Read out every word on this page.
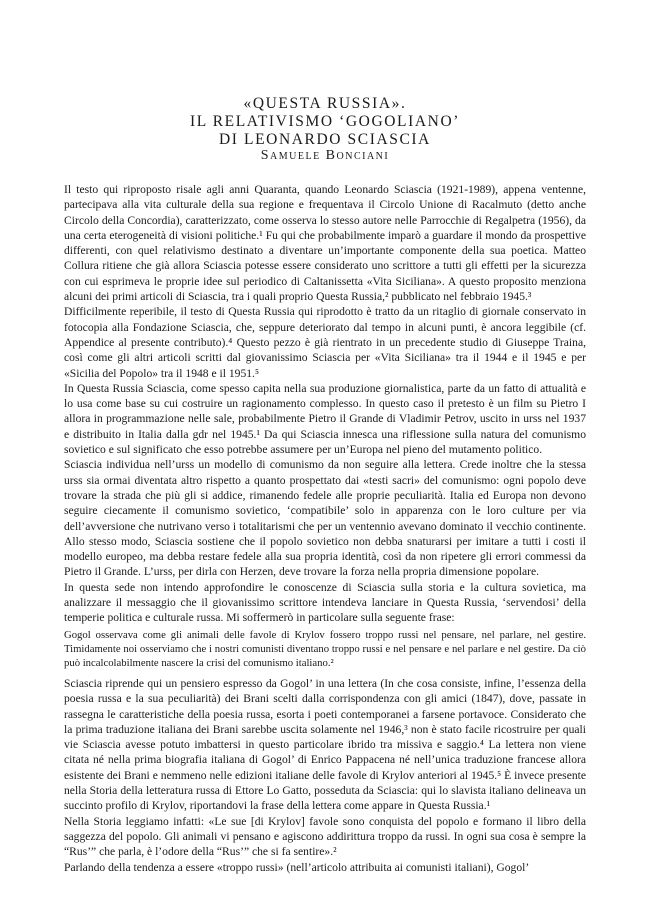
«QUESTA RUSSIA».
IL RELATIVISMO ‘GOGOLIANO’
DI LEONARDO SCIASCIA
Samuele Bonciani

Il testo qui riproposto risale agli anni Quaranta, quando Leonardo Sciascia (1921-1989), appena ventenne, partecipava alla vita culturale della sua regione e frequentava il Circolo Unione di Racalmuto (detto anche Circolo della Concordia), caratterizzato, come osserva lo stesso autore nelle Parrocchie di Regalpetra (1956), da una certa eterogeneità di visioni politiche.¹ Fu qui che probabilmente imparò a guardare il mondo da prospettive differenti, con quel relativismo destinato a diventare un’importante componente della sua poetica. Matteo Collura ritiene che già allora Sciascia potesse essere considerato uno scrittore a tutti gli effetti per la sicurezza con cui esprimeva le proprie idee sul periodico di Caltanissetta «Vita Siciliana». A questo proposito menziona alcuni dei primi articoli di Sciascia, tra i quali proprio Questa Russia,² pubblicato nel febbraio 1945.³

Difficilmente reperibile, il testo di Questa Russia qui riprodotto è tratto da un ritaglio di giornale conservato in fotocopia alla Fondazione Sciascia, che, seppure deteriorato dal tempo in alcuni punti, è ancora leggibile (cf. Appendice al presente contributo).⁴ Questo pezzo è già rientrato in un precedente studio di Giuseppe Traina, così come gli altri articoli scritti dal giovanissimo Sciascia per «Vita Siciliana» tra il 1944 e il 1945 e per «Sicilia del Popolo» tra il 1948 e il 1951.⁵

In Questa Russia Sciascia, come spesso capita nella sua produzione giornalistica, parte da un fatto di attualità e lo usa come base su cui costruire un ragionamento complesso. In questo caso il pretesto è un film su Pietro I allora in programmazione nelle sale, probabilmente Pietro il Grande di Vladimir Petrov, uscito in urss nel 1937 e distribuito in Italia dalla gdr nel 1945.¹ Da qui Sciascia innesca una riflessione sulla natura del comunismo sovietico e sul significato che esso potrebbe assumere per un’Europa nel pieno del mutamento politico.

Sciascia individua nell’urss un modello di comunismo da non seguire alla lettera. Crede inoltre che la stessa urss sia ormai diventata altro rispetto a quanto prospettato dai «testi sacri» del comunismo: ogni popolo deve trovare la strada che più gli si addice, rimanendo fedele alle proprie peculiarità. Italia ed Europa non devono seguire ciecamente il comunismo sovietico, ‘compatibile’ solo in apparenza con le loro culture per via dell’avversione che nutrivano verso i totalitarismi che per un ventennio avevano dominato il vecchio continente. Allo stesso modo, Sciascia sostiene che il popolo sovietico non debba snaturarsi per imitare a tutti i costi il modello europeo, ma debba restare fedele alla sua propria identità, così da non ripetere gli errori commessi da Pietro il Grande. L’urss, per dirla con Herzen, deve trovare la forza nella propria dimensione popolare.

In questa sede non intendo approfondire le conoscenze di Sciascia sulla storia e la cultura sovietica, ma analizzare il messaggio che il giovanissimo scrittore intendeva lanciare in Questa Russia, ‘servendosi’ della temperie politica e culturale russa. Mi soffermerò in particolare sulla seguente frase:

Gogol osservava come gli animali delle favole di Krylov fossero troppo russi nel pensare, nel parlare, nel gestire. Timidamente noi osserviamo che i nostri comunisti diventano troppo russi e nel pensare e nel parlare e nel gestire. Da ciò può incalcolabilmente nascere la crisi del comunismo italiano.²

Sciascia riprende qui un pensiero espresso da Gogol’ in una lettera (In che cosa consiste, infine, l’essenza della poesia russa e la sua peculiarità) dei Brani scelti dalla corrispondenza con gli amici (1847), dove, passate in rassegna le caratteristiche della poesia russa, esorta i poeti contemporanei a farsene portavoce. Considerato che la prima traduzione italiana dei Brani sarebbe uscita solamente nel 1946,³ non è stato facile ricostruire per quali vie Sciascia avesse potuto imbattersi in questo particolare ibrido tra missiva e saggio.⁴ La lettera non viene citata né nella prima biografia italiana di Gogol’ di Enrico Pappacena né nell’unica traduzione francese allora esistente dei Brani e nemmeno nelle edizioni italiane delle favole di Krylov anteriori al 1945.⁵ È invece presente nella Storia della letteratura russa di Ettore Lo Gatto, posseduta da Sciascia: qui lo slavista italiano delineava un succinto profilo di Krylov, riportandovi la frase della lettera come appare in Questa Russia.¹

Nella Storia leggiamo infatti: «Le sue [di Krylov] favole sono conquista del popolo e formano il libro della saggezza del popolo. Gli animali vi pensano e agiscono addirittura troppo da russi. In ogni sua cosa è sempre la “Rus’” che parla, è l’odore della “Rus’” che si fa sentire».²

Parlando della tendenza a essere «troppo russi» (nell’articolo attribuita ai comunisti italiani), Gogol’
